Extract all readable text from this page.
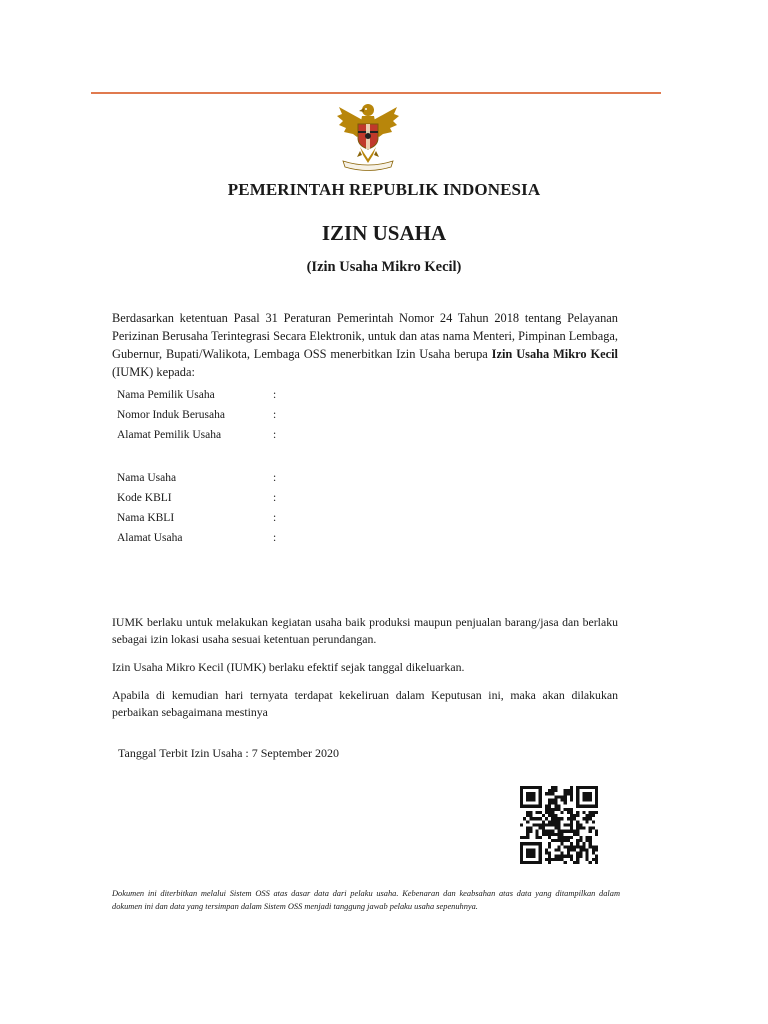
PEMERINTAH REPUBLIK INDONESIA
IZIN USAHA
(Izin Usaha Mikro Kecil)
Berdasarkan ketentuan Pasal 31 Peraturan Pemerintah Nomor 24 Tahun 2018 tentang Pelayanan Perizinan Berusaha Terintegrasi Secara Elektronik, untuk dan atas nama Menteri, Pimpinan Lembaga, Gubernur, Bupati/Walikota, Lembaga OSS menerbitkan Izin Usaha berupa Izin Usaha Mikro Kecil (IUMK) kepada:
Nama Pemilik Usaha	:
Nomor Induk Berusaha	:
Alamat Pemilik Usaha	:
Nama Usaha	:
Kode KBLI	:
Nama KBLI	:
Alamat Usaha	:
IUMK berlaku untuk melakukan kegiatan usaha baik produksi maupun penjualan barang/jasa dan berlaku sebagai izin lokasi usaha sesuai ketentuan perundangan.
Izin Usaha Mikro Kecil (IUMK) berlaku efektif sejak tanggal dikeluarkan.
Apabila di kemudian hari ternyata terdapat kekeliruan dalam Keputusan ini, maka akan dilakukan perbaikan sebagaimana mestinya
Tanggal Terbit Izin Usaha : 7 September 2020
Dokumen ini diterbitkan melalui Sistem OSS atas dasar data dari pelaku usaha. Kebenaran dan keabsahan atas data yang ditampilkan dalam dokumen ini dan data yang tersimpan dalam Sistem OSS menjadi tanggung jawab pelaku usaha sepenuhnya.
